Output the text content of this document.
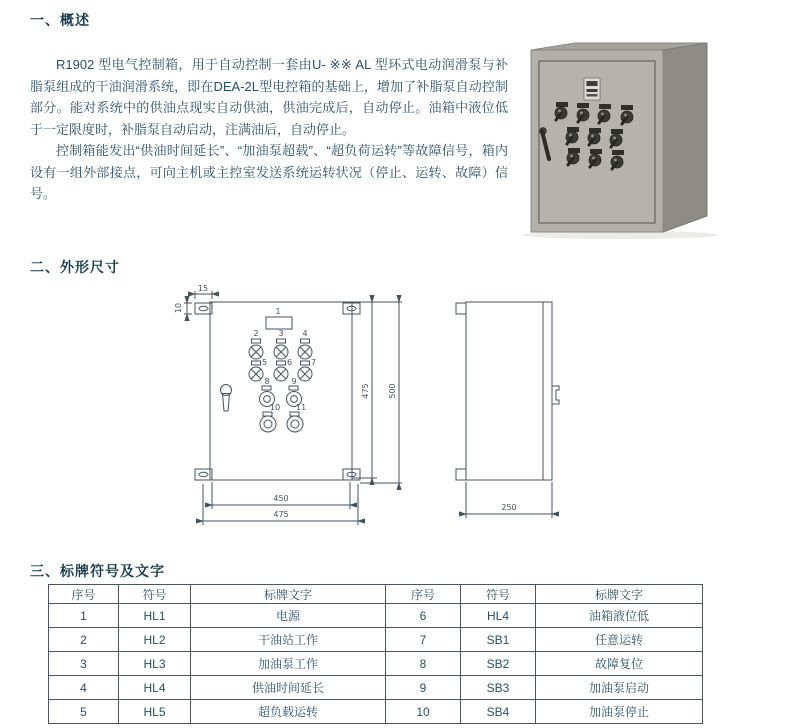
一、概述

R1902 型电气控制箱，用于自动控制一套由U- ※※ AL 型环式电动润滑泵与补脂泵组成的干油润滑系统，即在DEA-2L型电控箱的基础上，增加了补脂泵自动控制部分。能对系统中的供油点现实自动供油，供油完成后，自动停止。油箱中液位低于一定限度时，补脂泵自动启动，注满油后，自动停止。

控制箱能发出“供油时间延长”、“加油泵超载”、“超负荷运转”等故障信号，箱内设有一组外部接点，可向主机或主控室发送系统运转状况（停止、运转、故障）信号。

二、外形尺寸
15
10	1
2 3 4
5 6 7
8	9
10 11
475 500
450
475
250
三、标牌符号及文字
序号	符号	标牌文字	序号	符号	标牌文字
1	HL1	电源	6	HL4	油箱液位低
2	HL2	干油站工作	7	SB1	任意运转
3	HL3	加油泵工作	8	SB2	故障复位
4	HL4	供油时间延长	9	SB3	加油泵启动
5	HL5	超负载运转	10	SB4	加油泵停止
